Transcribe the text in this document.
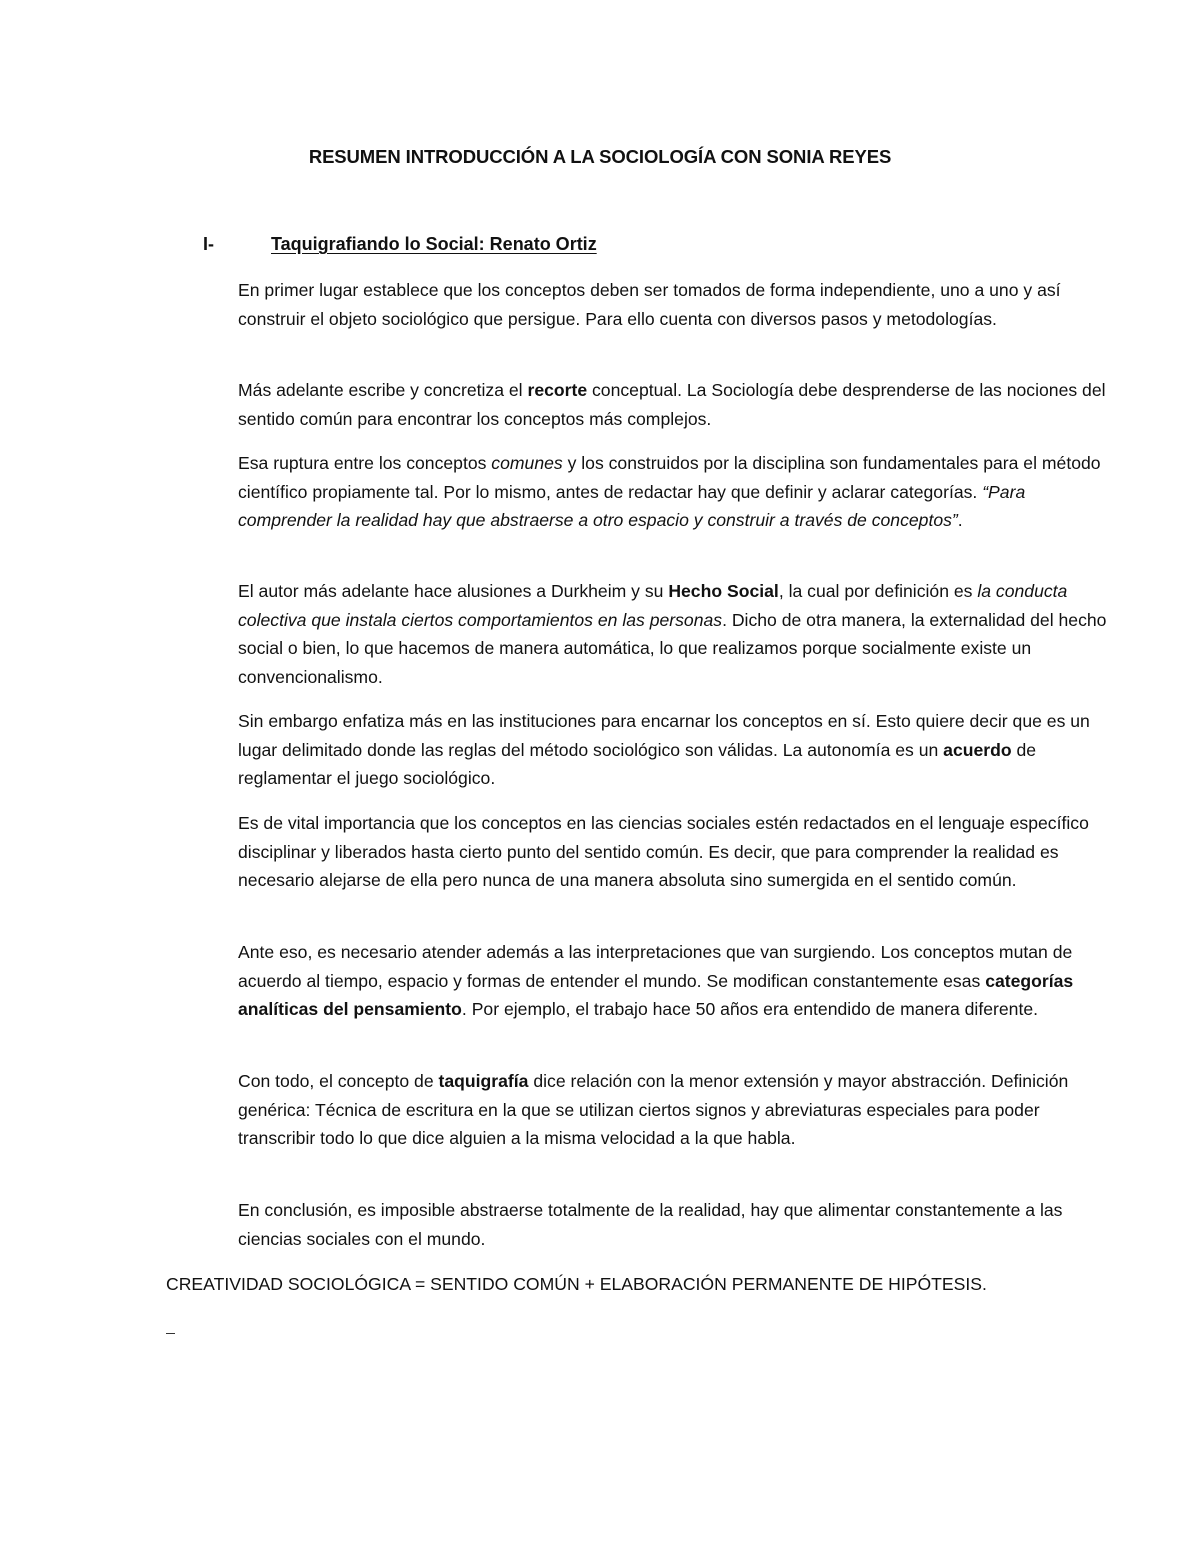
RESUMEN INTRODUCCIÓN A LA SOCIOLOGÍA CON SONIA REYES
I-	Taquigrafiando lo Social: Renato Ortiz

En primer lugar establece que los conceptos deben ser tomados de forma independiente, uno a uno y así construir el objeto sociológico que persigue. Para ello cuenta con diversos pasos y metodologías.

Más adelante escribe y concretiza el recorte conceptual. La Sociología debe desprenderse de las nociones del sentido común para encontrar los conceptos más complejos.

Esa ruptura entre los conceptos comunes y los construidos por la disciplina son fundamentales para el método científico propiamente tal. Por lo mismo, antes de redactar hay que definir y aclarar categorías. “Para comprender la realidad hay que abstraerse a otro espacio y construir a través de conceptos”.

El autor más adelante hace alusiones a Durkheim y su Hecho Social, la cual por definición es la conducta colectiva que instala ciertos comportamientos en las personas. Dicho de otra manera, la externalidad del hecho social o bien, lo que hacemos de manera automática, lo que realizamos porque socialmente existe un convencionalismo.

Sin embargo enfatiza más en las instituciones para encarnar los conceptos en sí. Esto quiere decir que es un lugar delimitado donde las reglas del método sociológico son válidas. La autonomía es un acuerdo de reglamentar el juego sociológico.

Es de vital importancia que los conceptos en las ciencias sociales estén redactados en el lenguaje específico disciplinar y liberados hasta cierto punto del sentido común. Es decir, que para comprender la realidad es necesario alejarse de ella pero nunca de una manera absoluta sino sumergida en el sentido común.

Ante eso, es necesario atender además a las interpretaciones que van surgiendo. Los conceptos mutan de acuerdo al tiempo, espacio y formas de entender el mundo. Se modifican constantemente esas categorías analíticas del pensamiento. Por ejemplo, el trabajo hace 50 años era entendido de manera diferente.

Con todo, el concepto de taquigrafía dice relación con la menor extensión y mayor abstracción. Definición genérica: Técnica de escritura en la que se utilizan ciertos signos y abreviaturas especiales para poder transcribir todo lo que dice alguien a la misma velocidad a la que habla.

En conclusión, es imposible abstraerse totalmente de la realidad, hay que alimentar constantemente a las ciencias sociales con el mundo.

CREATIVIDAD SOCIOLÓGICA = SENTIDO COMÚN + ELABORACIÓN PERMANENTE DE HIPÓTESIS.
